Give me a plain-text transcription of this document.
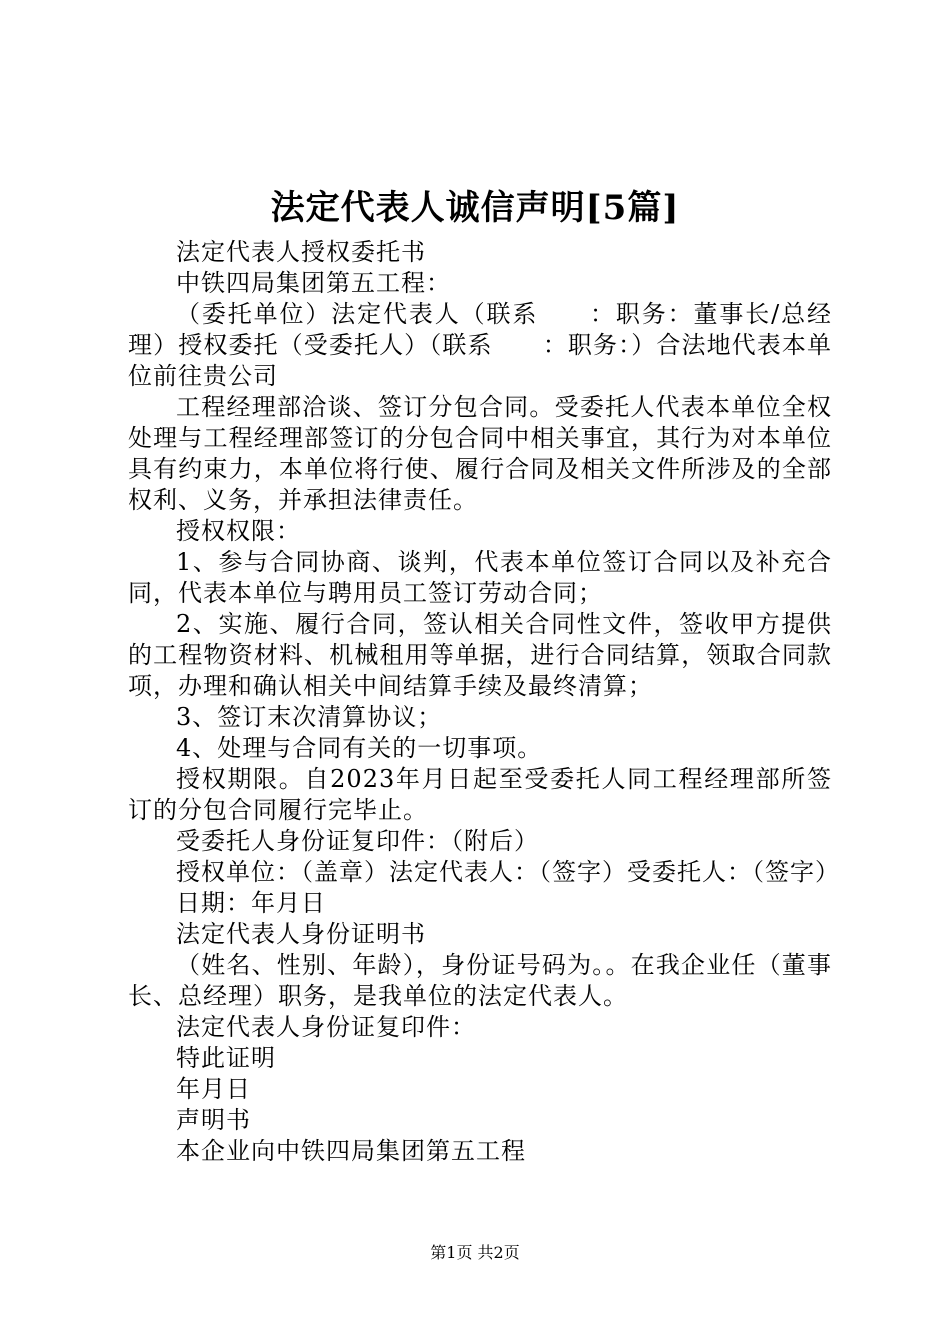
法定代表人诚信声明[5篇]

法定代表人授权委托书

中铁四局集团第五工程：

（委托单位）法定代表人（联系　　：职务：董事长/总经理）授权委托（受委托人）（联系　　：职务：）合法地代表本单位前往贵公司

工程经理部洽谈、签订分包合同。受委托人代表本单位全权处理与工程经理部签订的分包合同中相关事宜，其行为对本单位具有约束力，本单位将行使、履行合同及相关文件所涉及的全部权利、义务，并承担法律责任。

授权权限：

1、参与合同协商、谈判，代表本单位签订合同以及补充合同，代表本单位与聘用员工签订劳动合同；

2、实施、履行合同，签认相关合同性文件，签收甲方提供的工程物资材料、机械租用等单据，进行合同结算，领取合同款项，办理和确认相关中间结算手续及最终清算；

3、签订末次清算协议；

4、处理与合同有关的一切事项。

授权期限。自2023年月日起至受委托人同工程经理部所签订的分包合同履行完毕止。

受委托人身份证复印件：（附后）

授权单位：（盖章）法定代表人：（签字）受委托人：（签字）

日期：年月日

法定代表人身份证明书

（姓名、性别、年龄），身份证号码为。。在我企业任（董事长、总经理）职务，是我单位的法定代表人。

法定代表人身份证复印件：

特此证明

年月日

声明书

本企业向中铁四局集团第五工程

第1页 共2页
